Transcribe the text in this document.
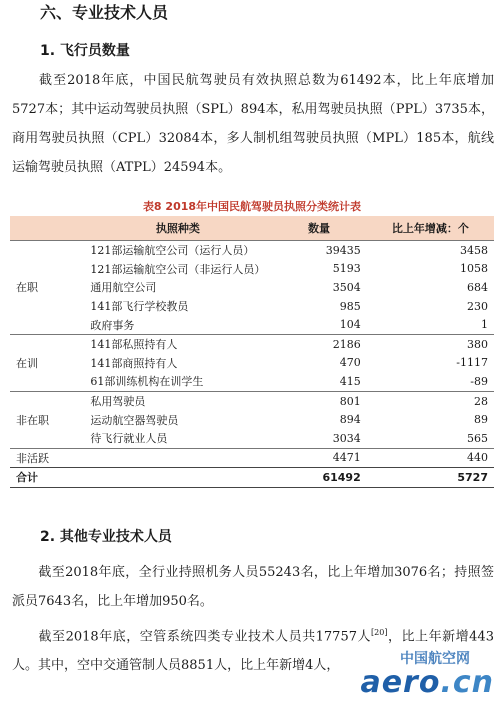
六、专业技术人员
1. 飞行员数量
截至2018年底，中国民航驾驶员有效执照总数为61492本，比上年底增加5727本；其中运动驾驶员执照（SPL）894本，私用驾驶员执照（PPL）3735本，商用驾驶员执照（CPL）32084本，多人制机组驾驶员执照（MPL）185本，航线运输驾驶员执照（ATPL）24594本。
表8 2018年中国民航驾驶员执照分类统计表
	执照种类	数量	比上年增减：个
	121部运输航空公司（运行人员）	39435	3458
	121部运输航空公司（非运行人员）	5193	1058
在职	通用航空公司	3504	684
	141部飞行学校教员	985	230
	政府事务	104	1
	141部私照持有人	2186	380
在训	141部商照持有人	470	-1117
	61部训练机构在训学生	415	-89
	私用驾驶员	801	28
非在职	运动航空器驾驶员	894	89
	待飞行就业人员	3034	565
非活跃		4471	440
合计		61492	5727
2. 其他专业技术人员
截至2018年底，全行业持照机务人员55243名，比上年增加3076名；持照签派员7643名，比上年增加950名。
截至2018年底，空管系统四类专业技术人员共17757人[20]，比上年新增443人。其中，空中交通管制人员8851人，比上年新增4人，	中国航空网
aero.cn
